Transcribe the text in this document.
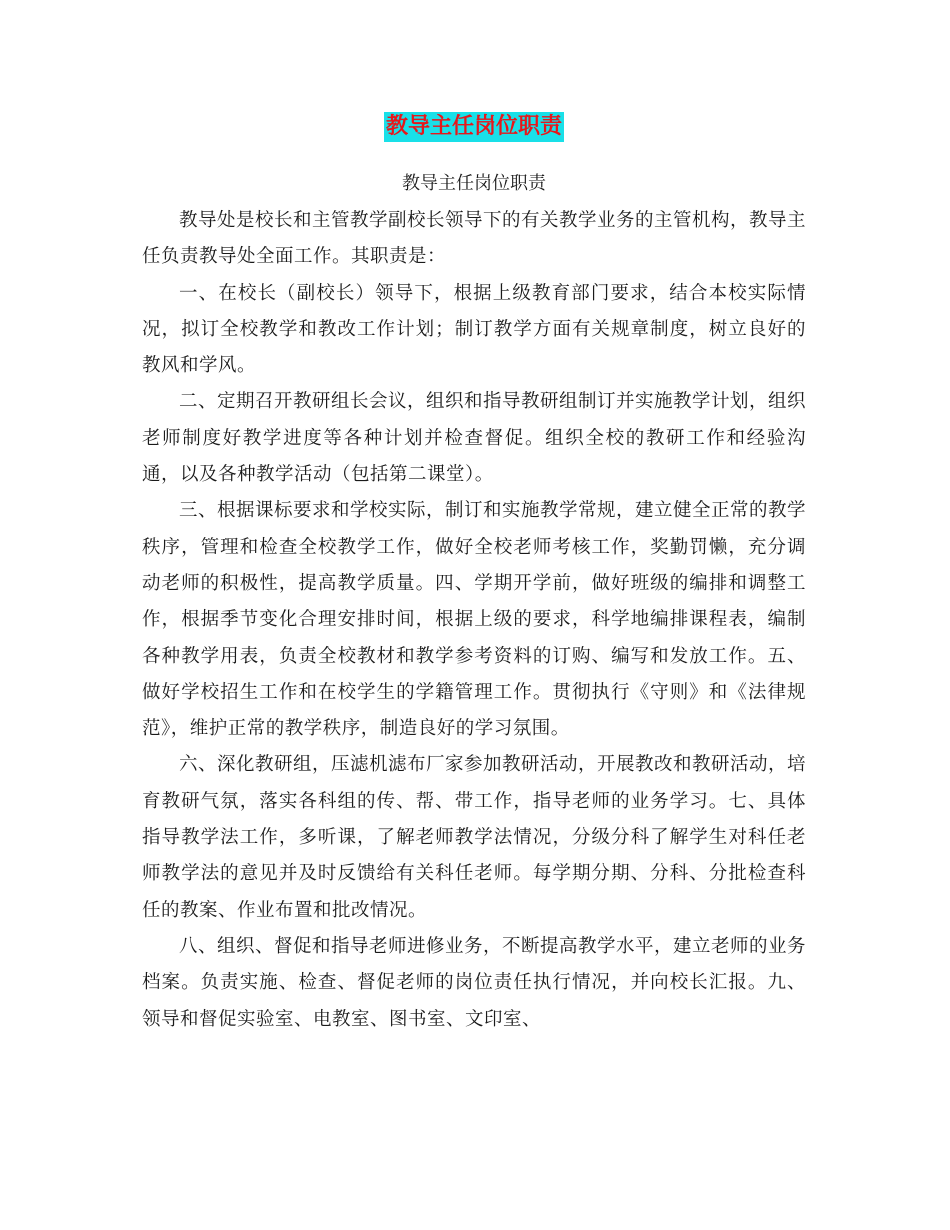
教导主任岗位职责
教导主任岗位职责

教导处是校长和主管教学副校长领导下的有关教学业务的主管机构，教导主任负责教导处全面工作。其职责是：

一、在校长（副校长）领导下，根据上级教育部门要求，结合本校实际情况，拟订全校教学和教改工作计划；制订教学方面有关规章制度，树立良好的教风和学风。

二、定期召开教研组长会议，组织和指导教研组制订并实施教学计划，组织老师制度好教学进度等各种计划并检查督促。组织全校的教研工作和经验沟通，以及各种教学活动（包括第二课堂）。

三、根据课标要求和学校实际，制订和实施教学常规，建立健全正常的教学秩序，管理和检查全校教学工作，做好全校老师考核工作，奖勤罚懒，充分调动老师的积极性，提高教学质量。四、学期开学前，做好班级的编排和调整工作，根据季节变化合理安排时间，根据上级的要求，科学地编排课程表，编制各种教学用表，负责全校教材和教学参考资料的订购、编写和发放工作。五、做好学校招生工作和在校学生的学籍管理工作。贯彻执行《守则》和《法律规范》，维护正常的教学秩序，制造良好的学习氛围。

六、深化教研组，压滤机滤布厂家参加教研活动，开展教改和教研活动，培育教研气氛，落实各科组的传、帮、带工作，指导老师的业务学习。七、具体指导教学法工作，多听课，了解老师教学法情况，分级分科了解学生对科任老师教学法的意见并及时反馈给有关科任老师。每学期分期、分科、分批检查科任的教案、作业布置和批改情况。

八、组织、督促和指导老师进修业务，不断提高教学水平，建立老师的业务档案。负责实施、检查、督促老师的岗位责任执行情况，并向校长汇报。九、领导和督促实验室、电教室、图书室、文印室、
